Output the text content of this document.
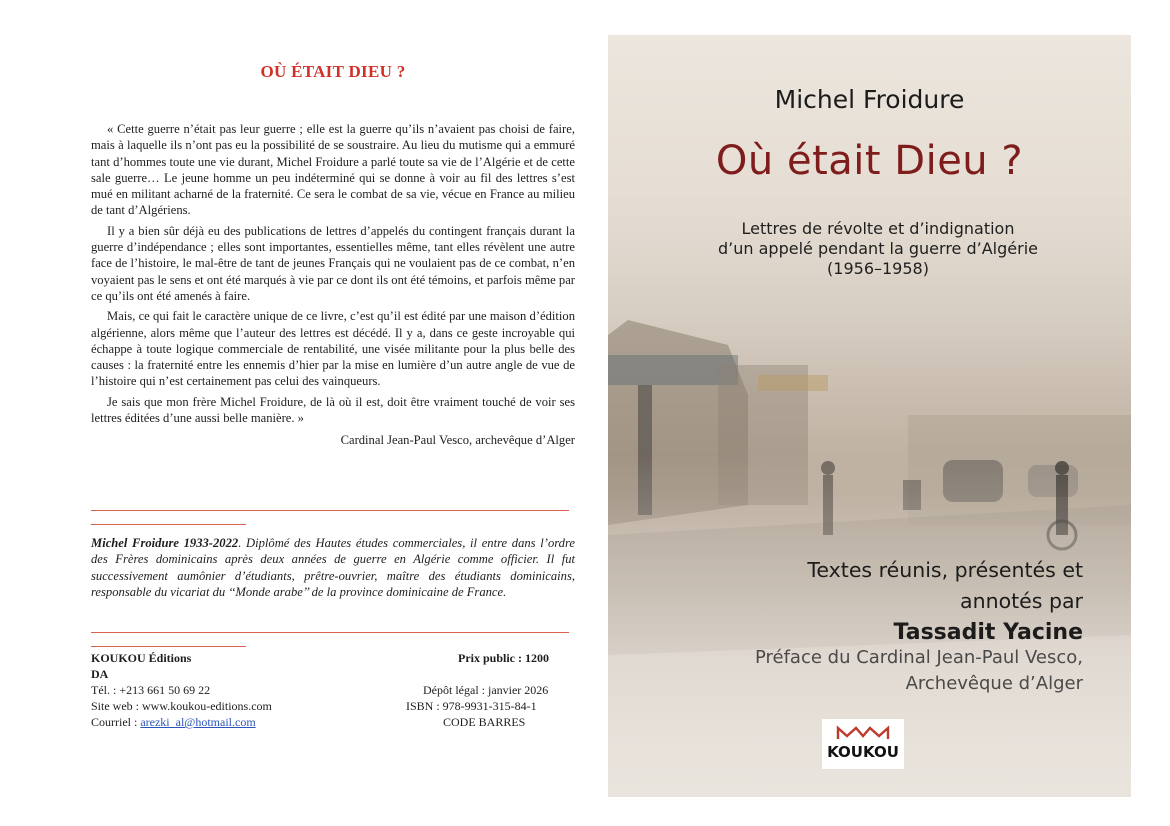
OÙ ÉTAIT DIEU ?

« Cette guerre n’était pas leur guerre ; elle est la guerre qu’ils n’avaient pas choisi de faire, mais à laquelle ils n’ont pas eu la possibilité de se soustraire. Au lieu du mutisme qui a emmuré tant d’hommes toute une vie durant, Michel Froidure a parlé toute sa vie de l’Algérie et de cette sale guerre… Le jeune homme un peu indéterminé qui se donne à voir au fil des lettres s’est mué en militant acharné de la fraternité. Ce sera le combat de sa vie, vécue en France au milieu de tant d’Algériens.

Il y a bien sûr déjà eu des publications de lettres d’appelés du contingent français durant la guerre d’indépendance ; elles sont importantes, essentielles même, tant elles révèlent une autre face de l’histoire, le mal-être de tant de jeunes Français qui ne voulaient pas de ce combat, n’en voyaient pas le sens et ont été marqués à vie par ce dont ils ont été témoins, et parfois même par ce qu’ils ont été amenés à faire.

Mais, ce qui fait le caractère unique de ce livre, c’est qu’il est édité par une maison d’édition algérienne, alors même que l’auteur des lettres est décédé. Il y a, dans ce geste incroyable qui échappe à toute logique commerciale de rentabilité, une visée militante pour la plus belle des causes : la fraternité entre les ennemis d’hier par la mise en lumière d’un autre angle de vue de l’histoire qui n’est certainement pas celui des vainqueurs.

Je sais que mon frère Michel Froidure, de là où il est, doit être vraiment touché de voir ses lettres éditées d’une aussi belle manière. »

Cardinal Jean-Paul Vesco, archevêque d’Alger

Michel Froidure 1933-2022. Diplômé des Hautes études commerciales, il entre dans l’ordre des Frères dominicains après deux années de guerre en Algérie comme officier. Il fut successivement aumônier d’étudiants, prêtre-ouvrier, maître des étudiants dominicains, responsable du vicariat du ‘‘Monde arabe’’ de la province dominicaine de France.
KOUKOU Éditions	Prix public : 1200
DA
Tél. : +213 661 50 69 22	Dépôt légal : janvier 2026
Site web : www.koukou-editions.com	ISBN : 978-9931-315-84-1
Courriel : arezki_al@hotmail.com	CODE BARRES
Michel Froidure
Où était Dieu ?
Lettres de révolte et d’indignation
d’un appelé pendant la guerre d’Algérie
(1956–1958)
Textes réunis, présentés et
annotés par
Tassadit Yacine
Préface du Cardinal Jean-Paul Vesco,
Archevêque d’Alger
KOUKOU
